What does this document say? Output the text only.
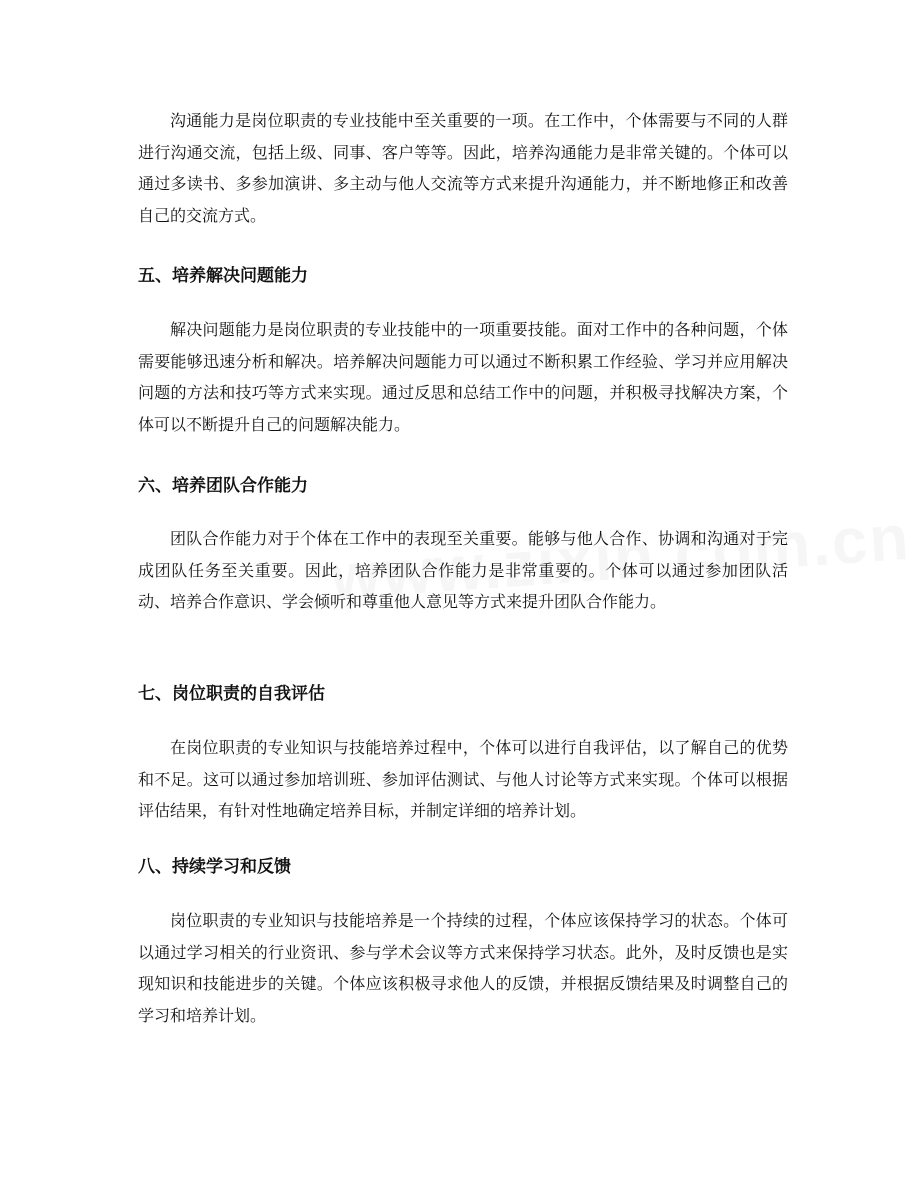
沟通能力是岗位职责的专业技能中至关重要的一项。在工作中，个体需要与不同的人群进行沟通交流，包括上级、同事、客户等等。因此，培养沟通能力是非常关键的。个体可以通过多读书、多参加演讲、多主动与他人交流等方式来提升沟通能力，并不断地修正和改善自己的交流方式。

五、培养解决问题能力

解决问题能力是岗位职责的专业技能中的一项重要技能。面对工作中的各种问题，个体需要能够迅速分析和解决。培养解决问题能力可以通过不断积累工作经验、学习并应用解决问题的方法和技巧等方式来实现。通过反思和总结工作中的问题，并积极寻找解决方案，个体可以不断提升自己的问题解决能力。

六、培养团队合作能力

团队合作能力对于个体在工作中的表现至关重要。能够与他人合作、协调和沟通对于完成团队任务至关重要。因此，培养团队合作能力是非常重要的。个体可以通过参加团队活动、培养合作意识、学会倾听和尊重他人意见等方式来提升团队合作能力。

七、岗位职责的自我评估

在岗位职责的专业知识与技能培养过程中，个体可以进行自我评估，以了解自己的优势和不足。这可以通过参加培训班、参加评估测试、与他人讨论等方式来实现。个体可以根据评估结果，有针对性地确定培养目标，并制定详细的培养计划。

八、持续学习和反馈

岗位职责的专业知识与技能培养是一个持续的过程，个体应该保持学习的状态。个体可以通过学习相关的行业资讯、参与学术会议等方式来保持学习状态。此外，及时反馈也是实现知识和技能进步的关键。个体应该积极寻求他人的反馈，并根据反馈结果及时调整自己的学习和培养计划。
